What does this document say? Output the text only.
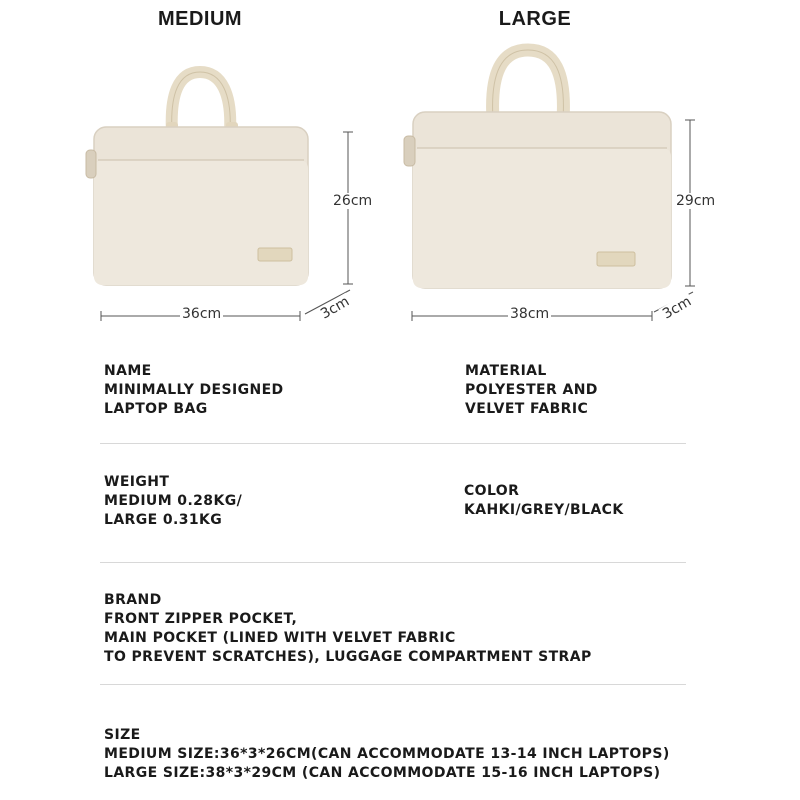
MEDIUM	LARGE
26cm
36cm	3cm
29cm
38cm	3cm
NAME
MINIMALLY DESIGNED
LAPTOP BAG
MATERIAL
POLYESTER AND
VELVET FABRIC
WEIGHT
MEDIUM 0.28KG/
LARGE 0.31KG
COLOR
KAHKI/GREY/BLACK
BRAND
FRONT ZIPPER POCKET,
MAIN POCKET (LINED WITH VELVET FABRIC
TO PREVENT SCRATCHES), LUGGAGE COMPARTMENT STRAP
SIZE
MEDIUM SIZE:36*3*26CM(CAN ACCOMMODATE 13-14 INCH LAPTOPS)
LARGE SIZE:38*3*29CM (CAN ACCOMMODATE 15-16 INCH LAPTOPS)
